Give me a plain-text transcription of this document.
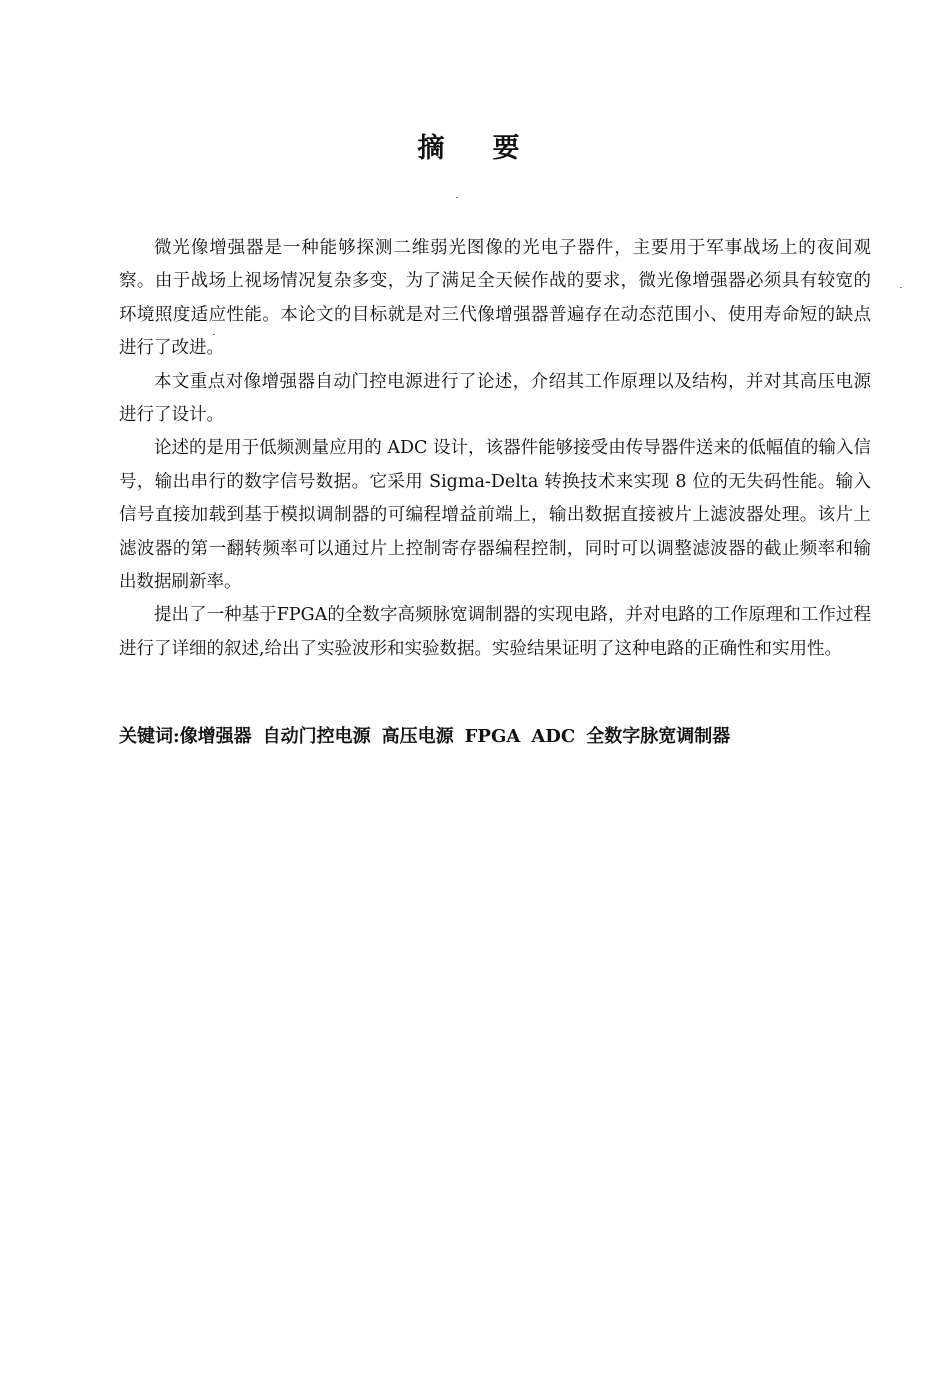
摘要

微光像增强器是一种能够探测二维弱光图像的光电子器件，主要用于军事战场上的夜间观察。由于战场上视场情况复杂多变，为了满足全天候作战的要求，微光像增强器必须具有较宽的环境照度适应性能。本论文的目标就是对三代像增强器普遍存在动态范围小、使用寿命短的缺点进行了改进。

本文重点对像增强器自动门控电源进行了论述，介绍其工作原理以及结构，并对其高压电源进行了设计。

论述的是用于低频测量应用的 ADC 设计，该器件能够接受由传导器件送来的低幅值的输入信号，输出串行的数字信号数据。它采用 Sigma-Delta 转换技术来实现 8 位的无失码性能。输入信号直接加载到基于模拟调制器的可编程增益前端上，输出数据直接被片上滤波器处理。该片上滤波器的第一翻转频率可以通过片上控制寄存器编程控制，同时可以调整滤波器的截止频率和输出数据刷新率。

提出了一种基于FPGA的全数字高频脉宽调制器的实现电路，并对电路的工作原理和工作过程进行了详细的叙述,给出了实验波形和实验数据。实验结果证明了这种电路的正确性和实用性。

关键词:像增强器 自动门控电源 高压电源 FPGA ADC 全数字脉宽调制器
